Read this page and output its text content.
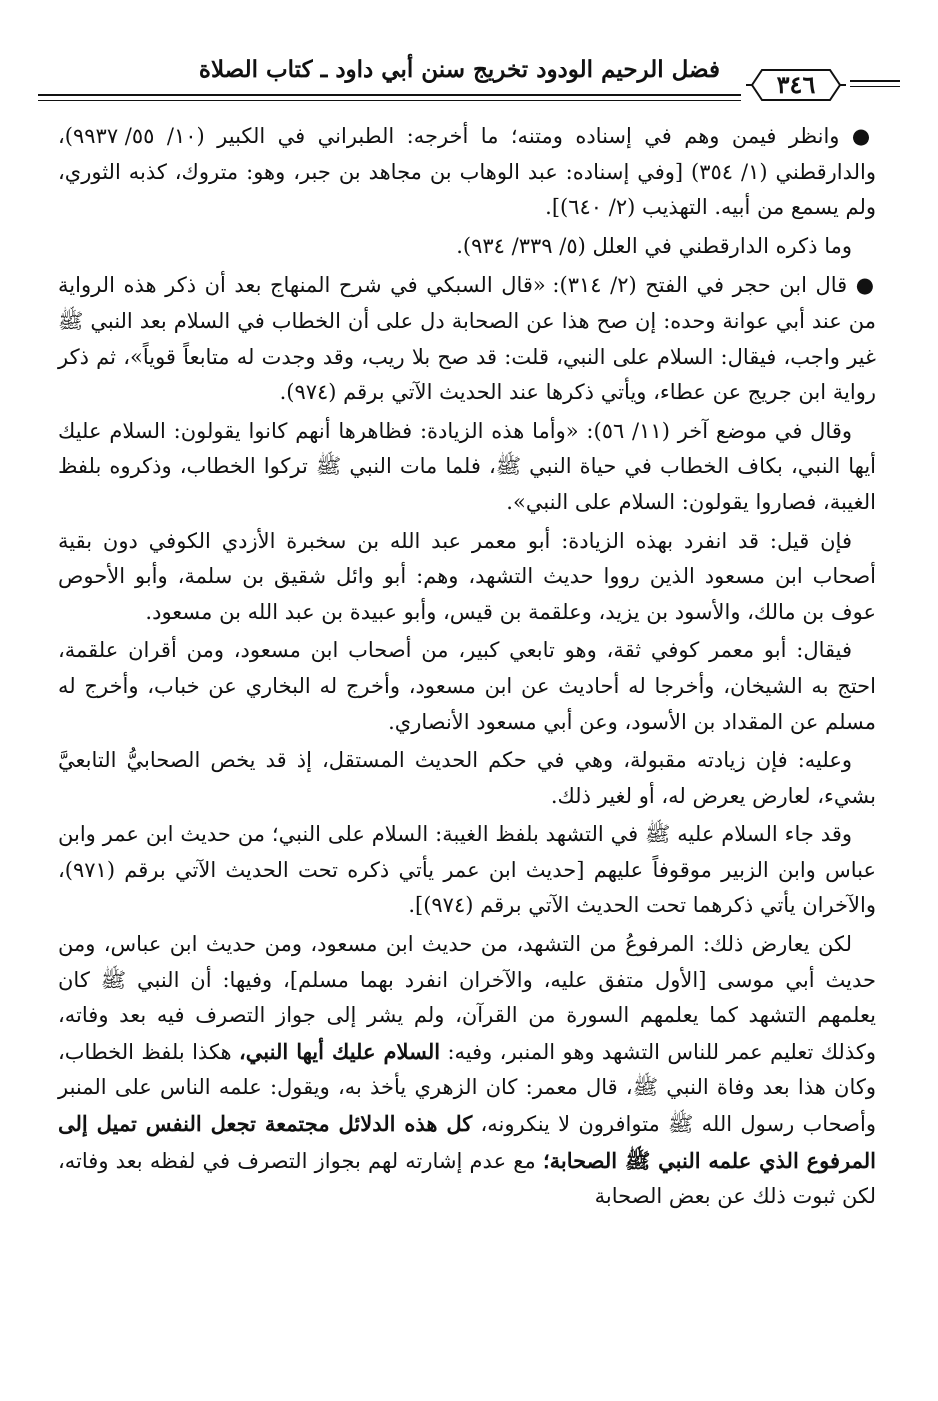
فضل الرحيم الودود تخريج سنن أبي داود ـ كتاب الصلاة
٣٤٦

● وانظر فيمن وهم في إسناده ومتنه؛ ما أخرجه: الطبراني في الكبير (١٠/ ٥٥/ ٩٩٣٧)، والدارقطني (١/ ٣٥٤) [وفي إسناده: عبد الوهاب بن مجاهد بن جبر، وهو: متروك، كذبه الثوري، ولم يسمع من أبيه. التهذيب (٢/ ٦٤٠)].

وما ذكره الدارقطني في العلل (٥/ ٣٣٩/ ٩٣٤).

● قال ابن حجر في الفتح (٢/ ٣١٤): «قال السبكي في شرح المنهاج بعد أن ذكر هذه الرواية من عند أبي عوانة وحده: إن صح هذا عن الصحابة دل على أن الخطاب في السلام بعد النبي ﷺ غير واجب، فيقال: السلام على النبي، قلت: قد صح بلا ريب، وقد وجدت له متابعاً قوياً»، ثم ذكر رواية ابن جريج عن عطاء، ويأتي ذكرها عند الحديث الآتي برقم (٩٧٤).

وقال في موضع آخر (١١/ ٥٦): «وأما هذه الزيادة: فظاهرها أنهم كانوا يقولون: السلام عليك أيها النبي، بكاف الخطاب في حياة النبي ﷺ، فلما مات النبي ﷺ تركوا الخطاب، وذكروه بلفظ الغيبة، فصاروا يقولون: السلام على النبي».

فإن قيل: قد انفرد بهذه الزيادة: أبو معمر عبد الله بن سخبرة الأزدي الكوفي دون بقية أصحاب ابن مسعود الذين رووا حديث التشهد، وهم: أبو وائل شقيق بن سلمة، وأبو الأحوص عوف بن مالك، والأسود بن يزيد، وعلقمة بن قيس، وأبو عبيدة بن عبد الله بن مسعود.

فيقال: أبو معمر كوفي ثقة، وهو تابعي كبير، من أصحاب ابن مسعود، ومن أقران علقمة، احتج به الشيخان، وأخرجا له أحاديث عن ابن مسعود، وأخرج له البخاري عن خباب، وأخرج له مسلم عن المقداد بن الأسود، وعن أبي مسعود الأنصاري.

وعليه: فإن زيادته مقبولة، وهي في حكم الحديث المستقل، إذ قد يخص الصحابيُّ التابعيَّ بشيء، لعارض يعرض له، أو لغير ذلك.

وقد جاء السلام عليه ﷺ في التشهد بلفظ الغيبة: السلام على النبي؛ من حديث ابن عمر وابن عباس وابن الزبير موقوفاً عليهم [حديث ابن عمر يأتي ذكره تحت الحديث الآتي برقم (٩٧١)، والآخران يأتي ذكرهما تحت الحديث الآتي برقم (٩٧٤)].

لكن يعارض ذلك: المرفوعُ من التشهد، من حديث ابن مسعود، ومن حديث ابن عباس، ومن حديث أبي موسى [الأول متفق عليه، والآخران انفرد بهما مسلم]، وفيها: أن النبي ﷺ كان يعلمهم التشهد كما يعلمهم السورة من القرآن، ولم يشر إلى جواز التصرف فيه بعد وفاته، وكذلك تعليم عمر للناس التشهد وهو المنبر، وفيه: السلام عليك أيها النبي، هكذا بلفظ الخطاب، وكان هذا بعد وفاة النبي ﷺ، قال معمر: كان الزهري يأخذ به، ويقول: علمه الناس على المنبر وأصحاب رسول الله ﷺ متوافرون لا ينكرونه، كل هذه الدلائل مجتمعة تجعل النفس تميل إلى المرفوع الذي علمه النبي ﷺ الصحابة؛ مع عدم إشارته لهم بجواز التصرف في لفظه بعد وفاته، لكن ثبوت ذلك عن بعض الصحابة
